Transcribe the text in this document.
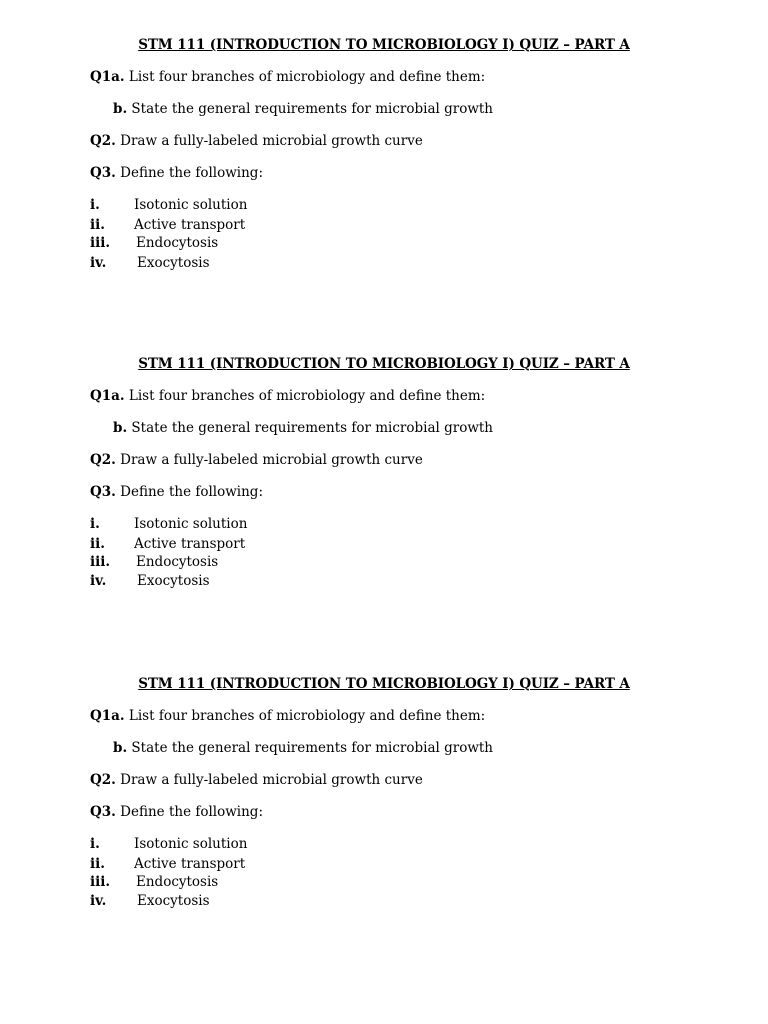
STM 111 (INTRODUCTION TO MICROBIOLOGY I) QUIZ – PART A
Q1a. List four branches of microbiology and define them:
b. State the general requirements for microbial growth
Q2. Draw a fully-labeled microbial growth curve
Q3. Define the following:
i.	Isotonic solution
ii. Active transport
iii. Endocytosis
iv. Exocytosis
STM 111 (INTRODUCTION TO MICROBIOLOGY I) QUIZ – PART A
Q1a. List four branches of microbiology and define them:
b. State the general requirements for microbial growth
Q2. Draw a fully-labeled microbial growth curve
Q3. Define the following:
i.	Isotonic solution
ii. Active transport
iii. Endocytosis
iv. Exocytosis
STM 111 (INTRODUCTION TO MICROBIOLOGY I) QUIZ – PART A
Q1a. List four branches of microbiology and define them:
b. State the general requirements for microbial growth
Q2. Draw a fully-labeled microbial growth curve
Q3. Define the following:
i.	Isotonic solution
ii. Active transport
iii. Endocytosis
iv. Exocytosis
